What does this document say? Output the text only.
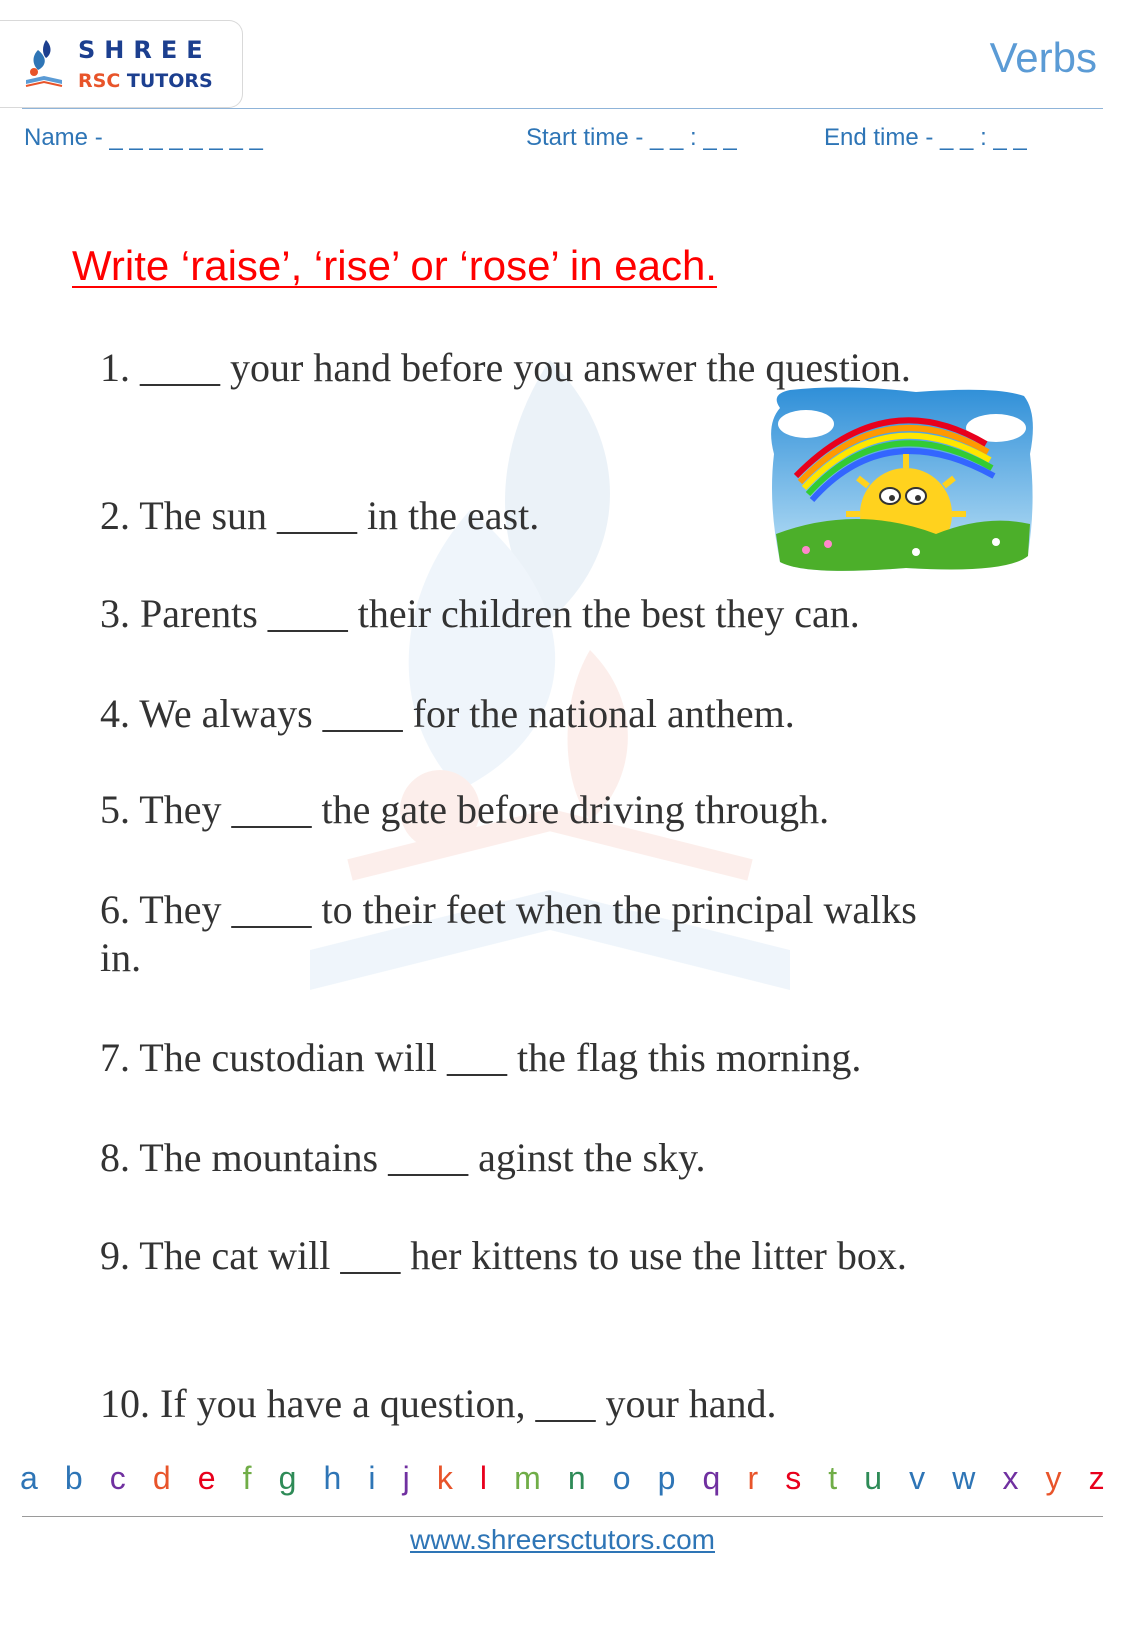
SHREE
RSC TUTORS	Verbs
Name - _ _ _ _ _ _ _ _	Start time - _ _ : _ _	End time - _ _ : _ _
Write ‘raise’, ‘rise’ or ‘rose’ in each.
1. ____ your hand before you answer the question.
2. The sun ____ in the east.
3. Parents ____ their children the best they can.
4. We always ____ for the national anthem.
5. They ____ the gate before driving through.
6. They ____ to their feet when the principal walks in.
7. The custodian will ___ the flag this morning.
8. The mountains ____ aginst the sky.
9. The cat will ___ her kittens to use the litter box.
10. If you have a question, ___ your hand.
a b c d e f g h i j k l m n o p q r s t u v w x y z
www.shreersctutors.com
